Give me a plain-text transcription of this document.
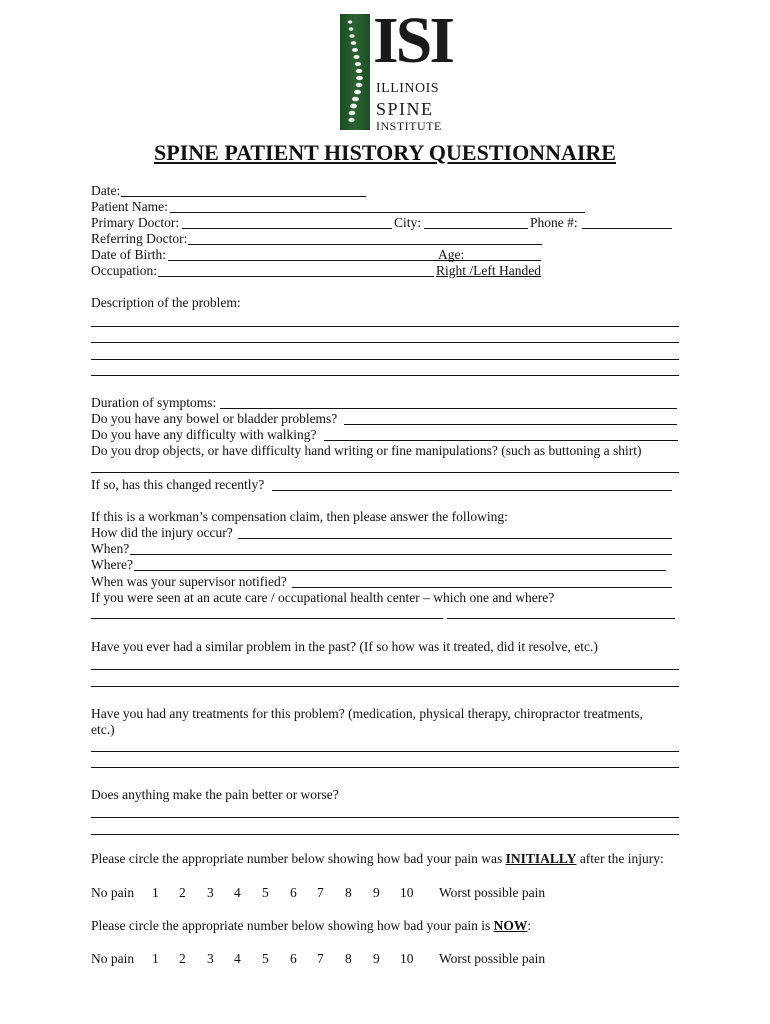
ISI
ILLINOIS
SPINE
INSTITUTE
SPINE PATIENT HISTORY QUESTIONNAIRE
Date:
Patient Name:
Primary Doctor:	City:	Phone #:
Referring Doctor:
Date of Birth:	Age:
Occupation:	Right /Left Handed
Description of the problem:
Duration of symptoms:
Do you have any bowel or bladder problems?
Do you have any difficulty with walking?
Do you drop objects, or have difficulty hand writing or fine manipulations? (such as buttoning a shirt)
If so, has this changed recently?
If this is a workman’s compensation claim, then please answer the following:
How did the injury occur?
When?
Where?
When was your supervisor notified?
If you were seen at an acute care / occupational health center – which one and where?
Have you ever had a similar problem in the past? (If so how was it treated, did it resolve, etc.)
Have you had any treatments for this problem? (medication, physical therapy, chiropractor treatments,
etc.)
Does anything make the pain better or worse?
Please circle the appropriate number below showing how bad your pain was INITIALLY after the injury:
No pain 1 2 3 4 5 6 7 8 9 10 Worst possible pain
Please circle the appropriate number below showing how bad your pain is NOW:
No pain 1 2 3 4 5 6 7 8 9 10 Worst possible pain
